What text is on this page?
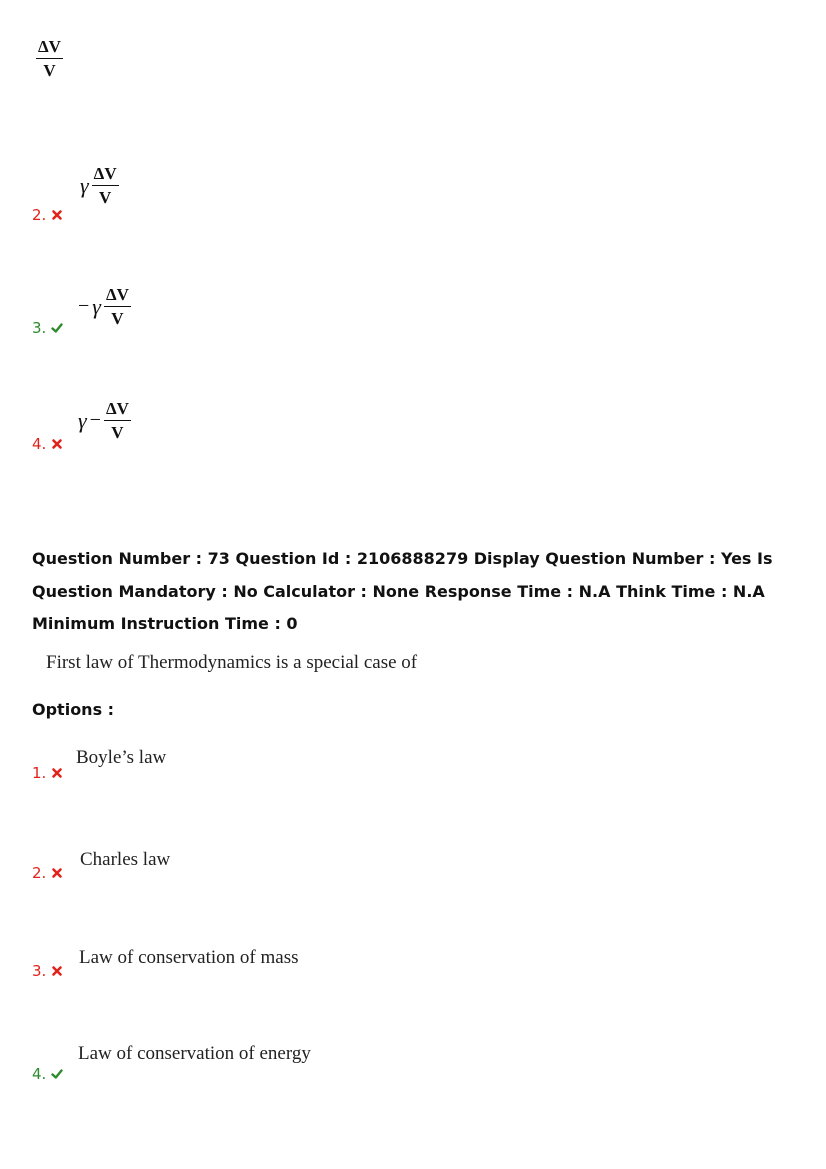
$\frac{\Delta V}{V}$
2.
γ $\frac{\Delta V}{V}$
3.
− γ $\frac{\Delta V}{V}$
4.
$\gamma - \frac{\Delta V}{V}$
Question Number : 73 Question Id : 2106888279 Display Question Number : Yes Is Question Mandatory : No Calculator : None Response Time : N.A Think Time : N.A Minimum Instruction Time : 0
First law of Thermodynamics is a special case of
Options :
1.
Boyle’s law
2.
Charles law
3.
Law of conservation of mass
4.
Law of conservation of energy
